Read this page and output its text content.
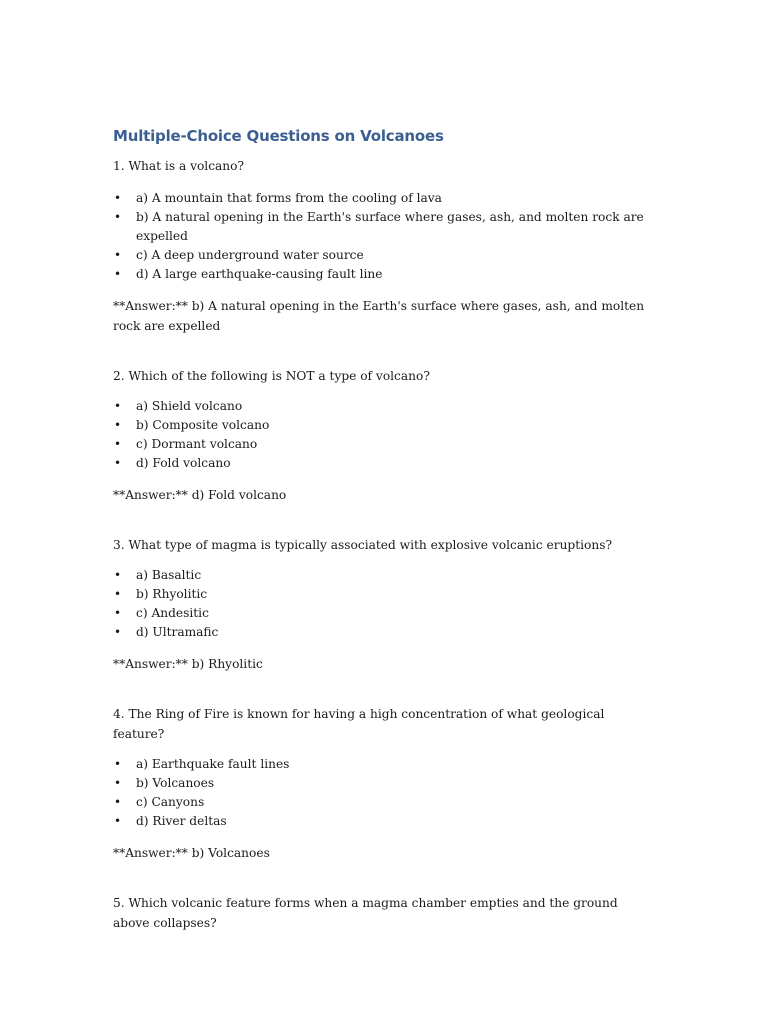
Multiple-Choice Questions on Volcanoes

1. What is a volcano?

• a) A mountain that forms from the cooling of lava
• b) A natural opening in the Earth's surface where gases, ash, and molten rock are expelled
• c) A deep underground water source
• d) A large earthquake-causing fault line

**Answer:** b) A natural opening in the Earth's surface where gases, ash, and molten rock are expelled

2. Which of the following is NOT a type of volcano?

• a) Shield volcano
• b) Composite volcano
• c) Dormant volcano
• d) Fold volcano

**Answer:** d) Fold volcano

3. What type of magma is typically associated with explosive volcanic eruptions?

• a) Basaltic
• b) Rhyolitic
• c) Andesitic
• d) Ultramafic

**Answer:** b) Rhyolitic

4. The Ring of Fire is known for having a high concentration of what geological feature?

• a) Earthquake fault lines
• b) Volcanoes
• c) Canyons
• d) River deltas

**Answer:** b) Volcanoes

5. Which volcanic feature forms when a magma chamber empties and the ground above collapses?
